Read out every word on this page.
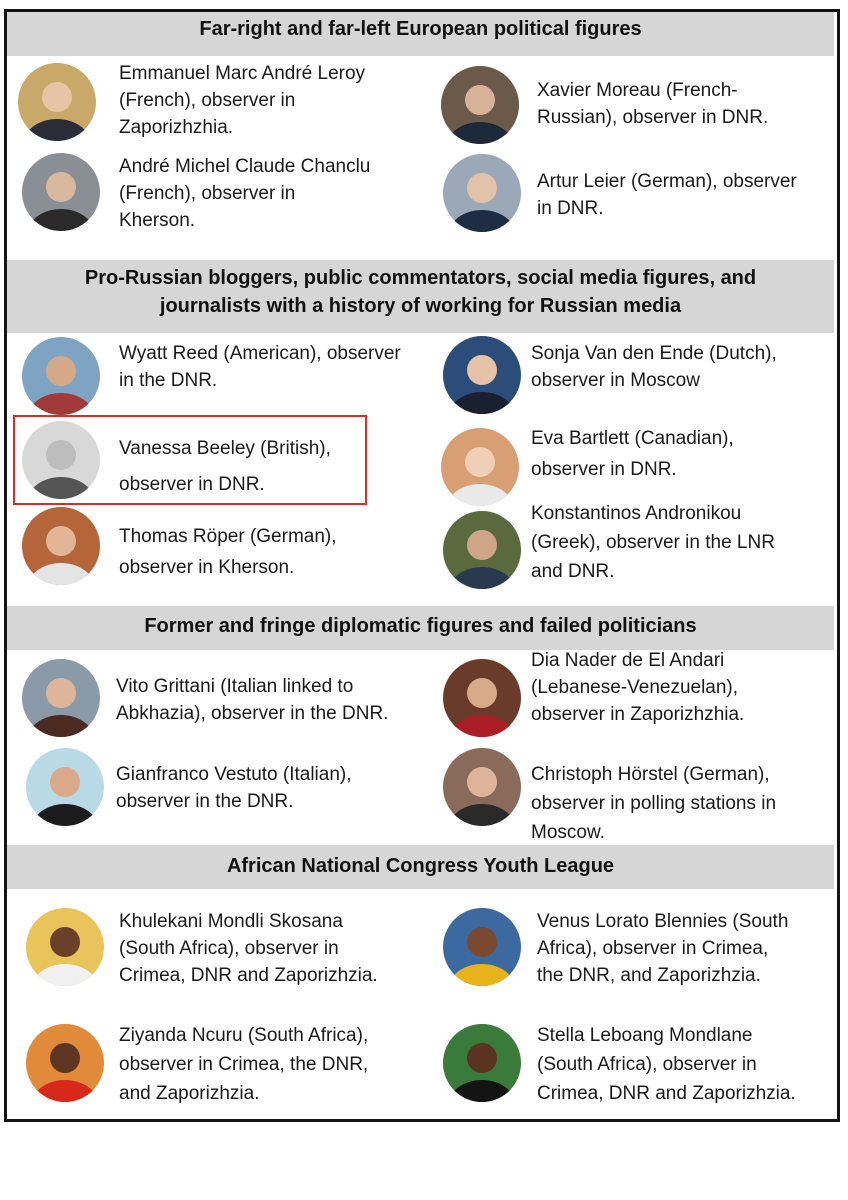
Far-right and far-left European political figures
Emmanuel Marc André Leroy
(French), observer in
Zaporizhzhia.
Xavier Moreau (French-
Russian), observer in DNR.
André Michel Claude Chanclu
(French), observer in
Kherson.
Artur Leier (German), observer
in DNR.
Pro-Russian bloggers, public commentators, social media figures, and
journalists with a history of working for Russian media
Wyatt Reed (American), observer
in the DNR.
Sonja Van den Ende (Dutch),
observer in Moscow
Vanessa Beeley (British),
observer in DNR.
Eva Bartlett (Canadian),
observer in DNR.
Thomas Röper (German),
observer in Kherson.
Konstantinos Andronikou
(Greek), observer in the LNR
and DNR.
Former and fringe diplomatic figures and failed politicians
Vito Grittani (Italian linked to
Abkhazia), observer in the DNR.
Dia Nader de El Andari
(Lebanese-Venezuelan),
observer in Zaporizhzhia.
Gianfranco Vestuto (Italian),
observer in the DNR.
Christoph Hörstel (German),
observer in polling stations in
Moscow.
African National Congress Youth League
Khulekani Mondli Skosana
(South Africa), observer in
Crimea, DNR and Zaporizhzia.
Venus Lorato Blennies (South
Africa), observer in Crimea,
the DNR, and Zaporizhzia.
Ziyanda Ncuru (South Africa),
observer in Crimea, the DNR,
and Zaporizhzia.
Stella Leboang Mondlane
(South Africa), observer in
Crimea, DNR and Zaporizhzia.
